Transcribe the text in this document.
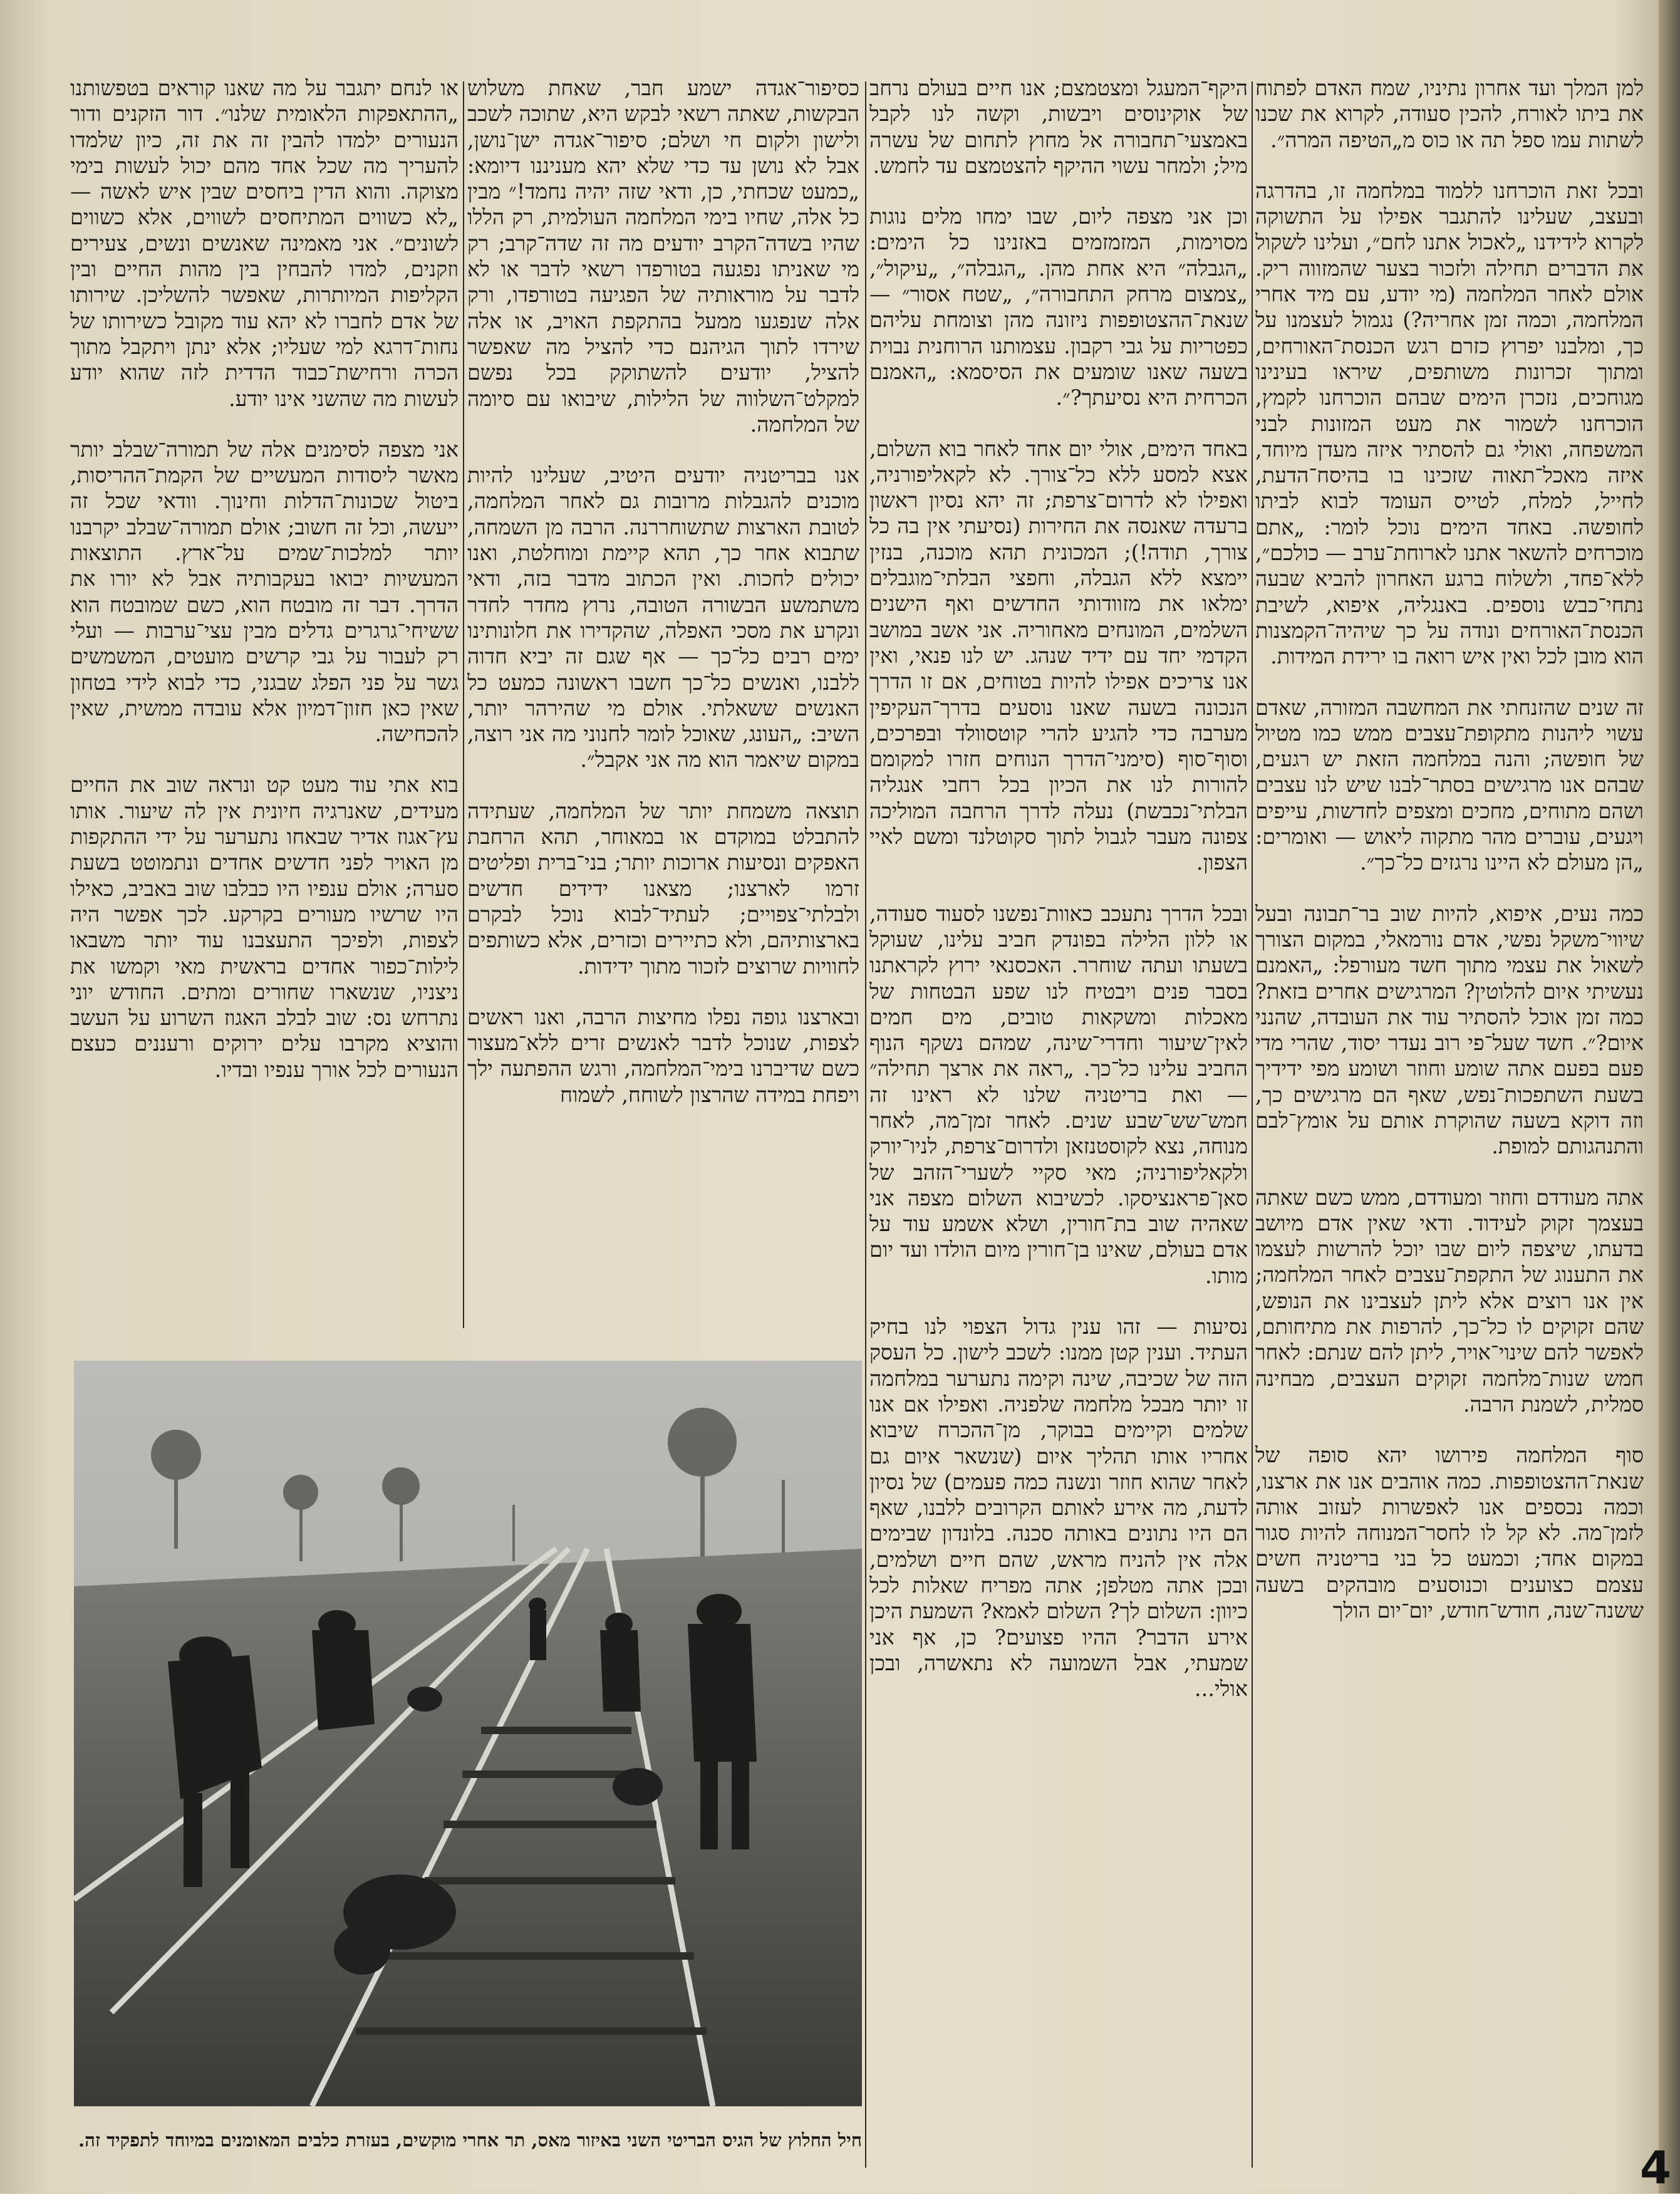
למן המלך ועד אחרון נתיניו, שמח האדם לפתוח את ביתו לאורח, להכין סעודה, לקרוא את שכנו לשתות עמו ספל תה או כוס מ„הטיפה המרה״.

ובכל זאת הוכרחנו ללמוד במלחמה זו, בהדרגה ובעצב, שעלינו להתגבר אפילו על התשוקה לקרוא לידידנו „לאכול אתנו לחם״, ועלינו לשקול את הדברים תחילה ולזכור בצער שהמזווה ריק. אולם לאחר המלחמה (מי יודע, עם מיד אחרי המלחמה, וכמה זמן אחריה?) נגמול לעצמנו על כך, ומלבנו יפרוץ כזרם רגש הכנסת־האורחים, ומתוך זכרונות משותפים, שיראו בעינינו מגוחכים, נזכרן הימים שבהם הוכרחנו לקמץ, הוכרחנו לשמור את מעט המזונות לבני המשפחה, ואולי גם להסתיר איזה מעדן מיוחד, איזה מאכל־תאוה שזכינו בו בהיסח־הדעת, לחייל, למלח, לטייס העומד לבוא לביתו לחופשה. באחד הימים נוכל לומר: „אתם מוכרחים להשאר אתנו לארוחת־ערב — כולכם״, ללא־פחד, ולשלוח ברגע האחרון להביא שבעה נתחי־כבש נוספים. באנגליה, איפוא, לשיבת הכנסת־האורחים ונודה על כך שיהיה־הקמצנות הוא מובן לכל ואין איש רואה בו ירידת המידות.

זה שנים שהזנחתי את המחשבה המזורה, שאדם עשוי ליהנות מתקופת־עצבים ממש כמו מטיול של חופשה; והנה במלחמה הזאת יש רגעים, שבהם אנו מרגישים בסתר־לבנו שיש לנו עצבים ושהם מתוחים, מחכים ומצפים לחדשות, עייפים ויגעים, עוברים מהר מתקוה ליאוש — ואומרים: „הן מעולם לא היינו נרגזים כל־כך״.

כמה נעים, איפוא, להיות שוב בר־תבונה ובעל שיווי־משקל נפשי, אדם נורמאלי, במקום הצורך לשאול את עצמי מתוך חשד מעורפל: „האמנם נעשיתי איום להלוטין? המרגישים אחרים בזאת? כמה זמן אוכל להסתיר עוד את העובדה, שהנני איום?״. חשד שעל־פי רוב נעדר יסוד, שהרי מדי פעם בפעם אתה שומע וחוזר ושומע מפי ידידיך בשעת השתפכות־נפש, שאף הם מרגישים כך, וזה דוקא בשעה שהוקרת אותם על אומץ־לבם והתנהגותם למופת.

אתה מעודדם וחוזר ומעודדם, ממש כשם שאתה בעצמך זקוק לעידוד. ודאי שאין אדם מיושב בדעתו, שיצפה ליום שבו יוכל להרשות לעצמו את התענוג של התקפת־עצבים לאחר המלחמה; אין אנו רוצים אלא ליתן לעצבינו את הנופש, שהם זקוקים לו כל־כך, להרפות את מתיחותם, לאפשר להם שינוי־אויר, ליתן להם שנתם: לאחר חמש שנות־מלחמה זקוקים העצבים, מבחינה סמלית, לשמנת הרבה.

סוף המלחמה פירושו יהא סופה של שנאת־ההצטופפות. כמה אוהבים אנו את ארצנו, וכמה נכספים אנו לאפשרות לעזוב אותה לזמן־מה. לא קל לו לחסר־המנוחה להיות סגור במקום אחד; וכמעט כל בני בריטניה חשים עצמם כצוענים וכנוסעים מובהקים בשעה ששנה־שנה, חודש־חודש, יום־יום הולך

היקף־המעגל ומצטמצם; אנו חיים בעולם נרחב של אוקינוסים ויבשות, וקשה לנו לקבל באמצעי־תחבורה אל מחוץ לתחום של עשרה מיל; ולמחר עשוי ההיקף להצטמצם עד לחמש.

וכן אני מצפה ליום, שבו ימחו מלים נוגות מסוימות, המזמזמים באזנינו כל הימים: „הגבלה״ היא אחת מהן. „הגבלה״, „עיקול״, „צמצום מרחק התחבורה״, „שטח אסור״ — שנאת־ההצטופפות ניזונה מהן וצומחת עליהם כפטריות על גבי רקבון. עצמותנו הרוחנית נבוית בשעה שאנו שומעים את הסיסמא: „האמנם הכרחית היא נסיעתך?״.

באחד הימים, אולי יום אחד לאחר בוא השלום, אצא למסע ללא כל־צורך. לא לקאליפורניה, ואפילו לא לדרום־צרפת; זה יהא נסיון ראשון ברעדה שאנסה את החירות (נסיעתי אין בה כל צורך, תודה!); המכונית תהא מוכנה, בנזין יימצא ללא הגבלה, וחפצי הבלתי־מוגבלים ימלאו את מזוודותי החדשים ואף הישנים השלמים, המונחים מאחוריה. אני אשב במושב הקדמי יחד עם ידיד שנהג. יש לנו פנאי, ואין אנו צריכים אפילו להיות בטוחים, אם זו הדרך הנכונה בשעה שאנו נוסעים בדרך־העקיפין מערבה כדי להגיע להרי קוטסוולד ובפרכים, וסוף־סוף (סימני־הדרך הנוחים חזרו למקומם להורות לנו את הכיון בכל רחבי אנגליה הבלתי־נכבשת) נעלה לדרך הרחבה המוליכה צפונה מעבר לגבול לתוך סקוטלנד ומשם לאיי הצפון.

ובכל הדרך נתעכב כאוות־נפשנו לסעוד סעודה, או ללון הלילה בפונדק חביב עלינו, שעוקל בשעתו ועתה שוחרר. האכסנאי ירוץ לקראתנו בסבר פנים ויבטיח לנו שפע הבטחות של מאכלות ומשקאות טובים, מים חמים לאין־שיעור וחדרי־שינה, שמהם נשקף הנוף החביב עלינו כל־כך. „ראה את ארצך תחילה״ — ואת בריטניה שלנו לא ראינו זה חמש־שש־שבע שנים. לאחר זמן־מה, לאחר מנוחה, נצא לקוסטנזאן ולדרום־צרפת, לניו־יורק ולקאליפורניה; מאי סקיי לשערי־הזהב של סאן־פראנציסקו. לכשיבוא השלום מצפה אני שאהיה שוב בת־חורין, ושלא אשמע עוד על אדם בעולם, שאינו בן־חורין מיום הולדו ועד יום מותו.

נסיעות — זהו ענין גדול הצפוי לנו בחיק העתיד. וענין קטן ממנו: לשכב לישון. כל העסק הזה של שכיבה, שינה וקימה נתערער במלחמה זו יותר מבכל מלחמה שלפניה. ואפילו אם אנו שלמים וקיימים בבוקר, מן־ההכרח שיבוא אחריו אותו תהליך איום (שנשאר איום גם לאחר שהוא חוזר ונשנה כמה פעמים) של נסיון לדעת, מה אירע לאותם הקרובים ללבנו, שאף הם היו נתונים באותה סכנה. בלונדון שבימים אלה אין להניח מראש, שהם חיים ושלמים, ובכן אתה מטלפן; אתה מפריח שאלות לכל כיוון: השלום לך? השלום לאמא? השמעת היכן אירע הדבר? ההיו פצועים? כן, אף אני שמעתי, אבל השמועה לא נתאשרה, ובכן אולי...

כסיפור־אגדה ישמע חבר, שאחת משלוש הבקשות, שאתה רשאי לבקש היא, שתוכה לשכב ולישון ולקום חי ושלם; סיפור־אגדה ישן־נושן, אבל לא נושן עד כדי שלא יהא מעניננו דיומא: „כמעט שכחתי, כן, ודאי שזה יהיה נחמד!״ מבין כל אלה, שחיו בימי המלחמה העולמית, רק הללו שהיו בשדה־הקרב יודעים מה זה שדה־קרב; רק מי שאניתו נפגעה בטורפדו רשאי לדבר או לא לדבר על מוראותיה של הפגיעה בטורפדו, ורק אלה שנפגעו ממעל בהתקפת האויב, או אלה שירדו לתוך הגיהנם כדי להציל מה שאפשר להציל, יודעים להשתוקק בכל נפשם למקלט־השלווה של הלילות, שיבואו עם סיומה של המלחמה.

אנו בבריטניה יודעים היטיב, שעלינו להיות מוכנים להגבלות מרובות גם לאחר המלחמה, לטובת הארצות שתשוחררנה. הרבה מן השמחה, שתבוא אחר כך, תהא קיימת ומוחלטת, ואנו יכולים לחכות. ואין הכתוב מדבר בזה, ודאי משתמשע הבשורה הטובה, נרוץ מחדר לחדר ונקרע את מסכי האפלה, שהקדירו את חלונותינו ימים רבים כל־כך — אף שגם זה יביא חדוה ללבנו, ואנשים כל־כך חשבו ראשונה כמעט כל האנשים ששאלתי. אולם מי שהירהר יותר, השיב: „העונג, שאוכל לומר לחנוני מה אני רוצה, במקום שיאמר הוא מה אני אקבל״.

תוצאה משמחת יותר של המלחמה, שעתידה להתבלט במוקדם או במאוחר, תהא הרחבת האפקים ונסיעות ארוכות יותר; בני־ברית ופליטים זרמו לארצנו; מצאנו ידידים חדשים ולבלתי־צפויים; לעתיד־לבוא נוכל לבקרם בארצותיהם, ולא כתיירים וכזרים, אלא כשותפים לחוויות שרוצים לזכור מתוך ידידות.

ובארצנו גופה נפלו מחיצות הרבה, ואנו ראשים לצפות, שנוכל לדבר לאנשים זרים ללא־מעצור כשם שדיברנו בימי־המלחמה, ורגש ההפתעה ילך ויפחת במידה שהרצון לשוחח, לשמוח

או לנחם יתגבר על מה שאנו קוראים בטפשותנו „ההתאפקות הלאומית שלנו״. דור הזקנים ודור הנעורים ילמדו להבין זה את זה, כיון שלמדו להעריך מה שכל אחד מהם יכול לעשות בימי מצוקה. והוא הדין ביחסים שבין איש לאשה — „לא כשווים המתיחסים לשווים, אלא כשווים לשונים״. אני מאמינה שאנשים ונשים, צעירים וזקנים, למדו להבחין בין מהות החיים ובין הקליפות המיותרות, שאפשר להשליכן. שירותו של אדם לחברו לא יהא עוד מקובל כשירותו של נחות־דרגא למי שעליו; אלא ינתן ויתקבל מתוך הכרה ורחישת־כבוד הדדית לזה שהוא יודע לעשות מה שהשני אינו יודע.

אני מצפה לסימנים אלה של תמורה־שבלב יותר מאשר ליסודות המעשיים של הקמת־ההריסות, ביטול שכונות־הדלות וחינוך. וודאי שכל זה ייעשה, וכל זה חשוב; אולם תמורה־שבלב יקרבנו יותר למלכות־שמים על־ארץ. התוצאות המעשיות יבואו בעקבותיה אבל לא יורו את הדרך. דבר זה מובטח הוא, כשם שמובטח הוא ששיחי־גרגרים גדלים מבין עצי־ערבות — ועלי רק לעבור על גבי קרשים מועטים, המשמשים גשר על פני הפלג שבגני, כדי לבוא לידי בטחון שאין כאן חזון־דמיון אלא עובדה ממשית, שאין להכחישה.

בוא אתי עוד מעט קט ונראה שוב את החיים מעידים, שאנרגיה חיונית אין לה שיעור. אותו עץ־אגוז אדיר שבאחו נתערער על ידי ההתקפות מן האויר לפני חדשים אחדים ונתמוטט בשעת סערה; אולם ענפיו היו כבלבו שוב באביב, כאילו היו שרשיו מעורים בקרקע. לכך אפשר היה לצפות, ולפיכך התעצבנו עוד יותר משבאו לילות־כפור אחדים בראשית מאי וקמשו את ניצניו, שנשארו שחורים ומתים. החודש יוני נתרחש נס: שוב לבלב האגוז השרוע על העשב והוציא מקרבו עלים ירוקים ורעננים כעצם הנעורים לכל אורך ענפיו ובדיו.

חיל החלוץ של הגיס הבריטי השני באיזור מאס, תר אחרי מוקשים, בעזרת כלבים המאומנים במיוחד לתפקיד זה.
4
